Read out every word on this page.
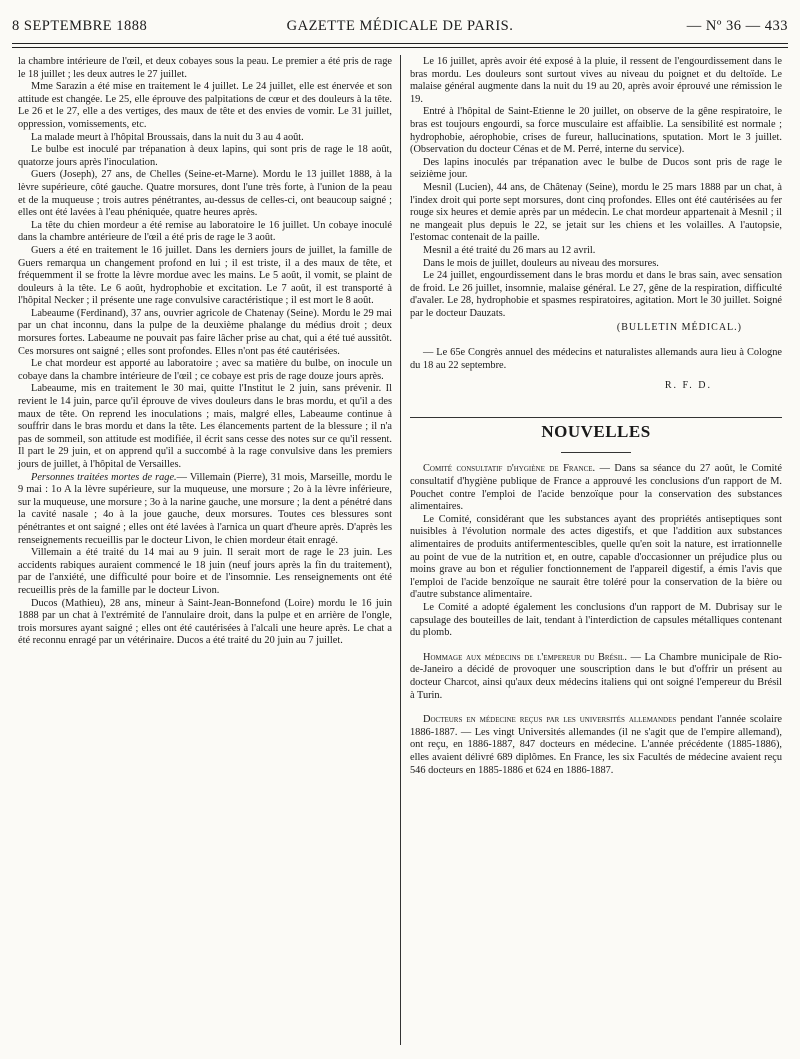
8 SEPTEMBRE 1888	GAZETTE MÉDICALE DE PARIS.	— Nº 36 — 433

la chambre intérieure de l'œil, et deux cobayes sous la peau. Le premier a été pris de rage le 18 juillet ; les deux autres le 27 juillet.

Mme Sarazin a été mise en traitement le 4 juillet. Le 24 juillet, elle est énervée et son attitude est changée. Le 25, elle éprouve des palpitations de cœur et des douleurs à la tête. Le 26 et le 27, elle a des vertiges, des maux de tête et des envies de vomir. Le 31 juillet, oppression, vomissements, etc.

La malade meurt à l'hôpital Broussais, dans la nuit du 3 au 4 août.

Le bulbe est inoculé par trépanation à deux lapins, qui sont pris de rage le 18 août, quatorze jours après l'inoculation.

Guers (Joseph), 27 ans, de Chelles (Seine-et-Marne). Mordu le 13 juillet 1888, à la lèvre supérieure, côté gauche. Quatre morsures, dont l'une très forte, à l'union de la peau et de la muqueuse ; trois autres pénétrantes, au-dessus de celles-ci, ont beaucoup saigné ; elles ont été lavées à l'eau phéniquée, quatre heures après.

La tête du chien mordeur a été remise au laboratoire le 16 juillet. Un cobaye inoculé dans la chambre antérieure de l'œil a été pris de rage le 3 août.

Guers a été en traitement le 16 juillet. Dans les derniers jours de juillet, la famille de Guers remarqua un changement profond en lui ; il est triste, il a des maux de tête, et fréquemment il se frotte la lèvre mordue avec les mains. Le 5 août, il vomit, se plaint de douleurs à la tête. Le 6 août, hydrophobie et excitation. Le 7 août, il est transporté à l'hôpital Necker ; il présente une rage convulsive caractéristique ; il est mort le 8 août.

Labeaume (Ferdinand), 37 ans, ouvrier agricole de Chatenay (Seine). Mordu le 29 mai par un chat inconnu, dans la pulpe de la deuxième phalange du médius droit ; deux morsures fortes. Labeaume ne pouvait pas faire lâcher prise au chat, qui a été tué aussitôt. Ces morsures ont saigné ; elles sont profondes. Elles n'ont pas été cautérisées.

Le chat mordeur est apporté au laboratoire ; avec sa matière du bulbe, on inocule un cobaye dans la chambre intérieure de l'œil ; ce cobaye est pris de rage douze jours après.

Labeaume, mis en traitement le 30 mai, quitte l'Institut le 2 juin, sans prévenir. Il revient le 14 juin, parce qu'il éprouve de vives douleurs dans le bras mordu, et qu'il a des maux de tête. On reprend les inoculations ; mais, malgré elles, Labeaume continue à souffrir dans le bras mordu et dans la tête. Les élancements partent de la blessure ; il n'a pas de sommeil, son attitude est modifiée, il écrit sans cesse des notes sur ce qu'il ressent. Il part le 29 juin, et on apprend qu'il a succombé à la rage convulsive dans les premiers jours de juillet, à l'hôpital de Versailles.

Personnes traitées mortes de rage.— Villemain (Pierre), 31 mois, Marseille, mordu le 9 mai : 1o A la lèvre supérieure, sur la muqueuse, une morsure ; 2o à la lèvre inférieure, sur la muqueuse, une morsure ; 3o à la narine gauche, une morsure ; la dent a pénétré dans la cavité nasale ; 4o à la joue gauche, deux morsures. Toutes ces blessures sont pénétrantes et ont saigné ; elles ont été lavées à l'arnica un quart d'heure après. D'après les renseignements recueillis par le docteur Livon, le chien mordeur était enragé.

Villemain a été traité du 14 mai au 9 juin. Il serait mort de rage le 23 juin. Les accidents rabiques auraient commencé le 18 juin (neuf jours après la fin du traitement), par de l'anxiété, une difficulté pour boire et de l'insomnie. Les renseignements ont été recueillis près de la famille par le docteur Livon.

Ducos (Mathieu), 28 ans, mineur à Saint-Jean-Bonnefond (Loire) mordu le 16 juin 1888 par un chat à l'extrémité de l'annulaire droit, dans la pulpe et en arrière de l'ongle, trois morsures ayant saigné ; elles ont été cautérisées à l'alcali une heure après. Le chat a été reconnu enragé par un vétérinaire. Ducos a été traité du 20 juin au 7 juillet.

Le 16 juillet, après avoir été exposé à la pluie, il ressent de l'engourdissement dans le bras mordu. Les douleurs sont surtout vives au niveau du poignet et du deltoïde. Le malaise général augmente dans la nuit du 19 au 20, après avoir éprouvé une rémission le 19.

Entré à l'hôpital de Saint-Etienne le 20 juillet, on observe de la gêne respiratoire, le bras est toujours engourdi, sa force musculaire est affaiblie. La sensibilité est normale ; hydrophobie, aérophobie, crises de fureur, hallucinations, sputation. Mort le 3 juillet. (Observation du docteur Cénas et de M. Perré, interne du service).

Des lapins inoculés par trépanation avec le bulbe de Ducos sont pris de rage le seizième jour.

Mesnil (Lucien), 44 ans, de Châtenay (Seine), mordu le 25 mars 1888 par un chat, à l'index droit qui porte sept morsures, dont cinq profondes. Elles ont été cautérisées au fer rouge six heures et demie après par un médecin. Le chat mordeur appartenait à Mesnil ; il ne mangeait plus depuis le 22, se jetait sur les chiens et les volailles. A l'autopsie, l'estomac contenait de la paille.

Mesnil a été traité du 26 mars au 12 avril.

Dans le mois de juillet, douleurs au niveau des morsures.

Le 24 juillet, engourdissement dans le bras mordu et dans le bras sain, avec sensation de froid. Le 26 juillet, insomnie, malaise général. Le 27, gêne de la respiration, difficulté d'avaler. Le 28, hydrophobie et spasmes respiratoires, agitation. Mort le 30 juillet. Soigné par le docteur Dauzats.

(BULLETIN MÉDICAL.)

— Le 65e Congrès annuel des médecins et naturalistes allemands aura lieu à Cologne du 18 au 22 septembre.

R. F. D.
NOUVELLES

Comité consultatif d'hygiène de France. — Dans sa séance du 27 août, le Comité consultatif d'hygiène publique de France a approuvé les conclusions d'un rapport de M. Pouchet contre l'emploi de l'acide benzoïque pour la conservation des substances alimentaires.

Le Comité, considérant que les substances ayant des propriétés antiseptiques sont nuisibles à l'évolution normale des actes digestifs, et que l'addition aux substances alimentaires de produits antifermentescibles, quelle qu'en soit la nature, est irrationnelle au point de vue de la nutrition et, en outre, capable d'occasionner un préjudice plus ou moins grave au bon et régulier fonctionnement de l'appareil digestif, a émis l'avis que l'emploi de l'acide benzoïque ne saurait être toléré pour la conservation de la bière ou d'autre substance alimentaire.

Le Comité a adopté également les conclusions d'un rapport de M. Dubrisay sur le capsulage des bouteilles de lait, tendant à l'interdiction de capsules métalliques contenant du plomb.

Hommage aux médecins de l'empereur du Brésil. — La Chambre municipale de Rio-de-Janeiro a décidé de provoquer une souscription dans le but d'offrir un présent au docteur Charcot, ainsi qu'aux deux médecins italiens qui ont soigné l'empereur du Brésil à Turin.

Docteurs en médecine reçus par les universités allemandes pendant l'année scolaire 1886-1887. — Les vingt Universités allemandes (il ne s'agit que de l'empire allemand), ont reçu, en 1886-1887, 847 docteurs en médecine. L'année précédente (1885-1886), elles avaient délivré 689 diplômes. En France, les six Facultés de médecine avaient reçu 546 docteurs en 1885-1886 et 624 en 1886-1887.
